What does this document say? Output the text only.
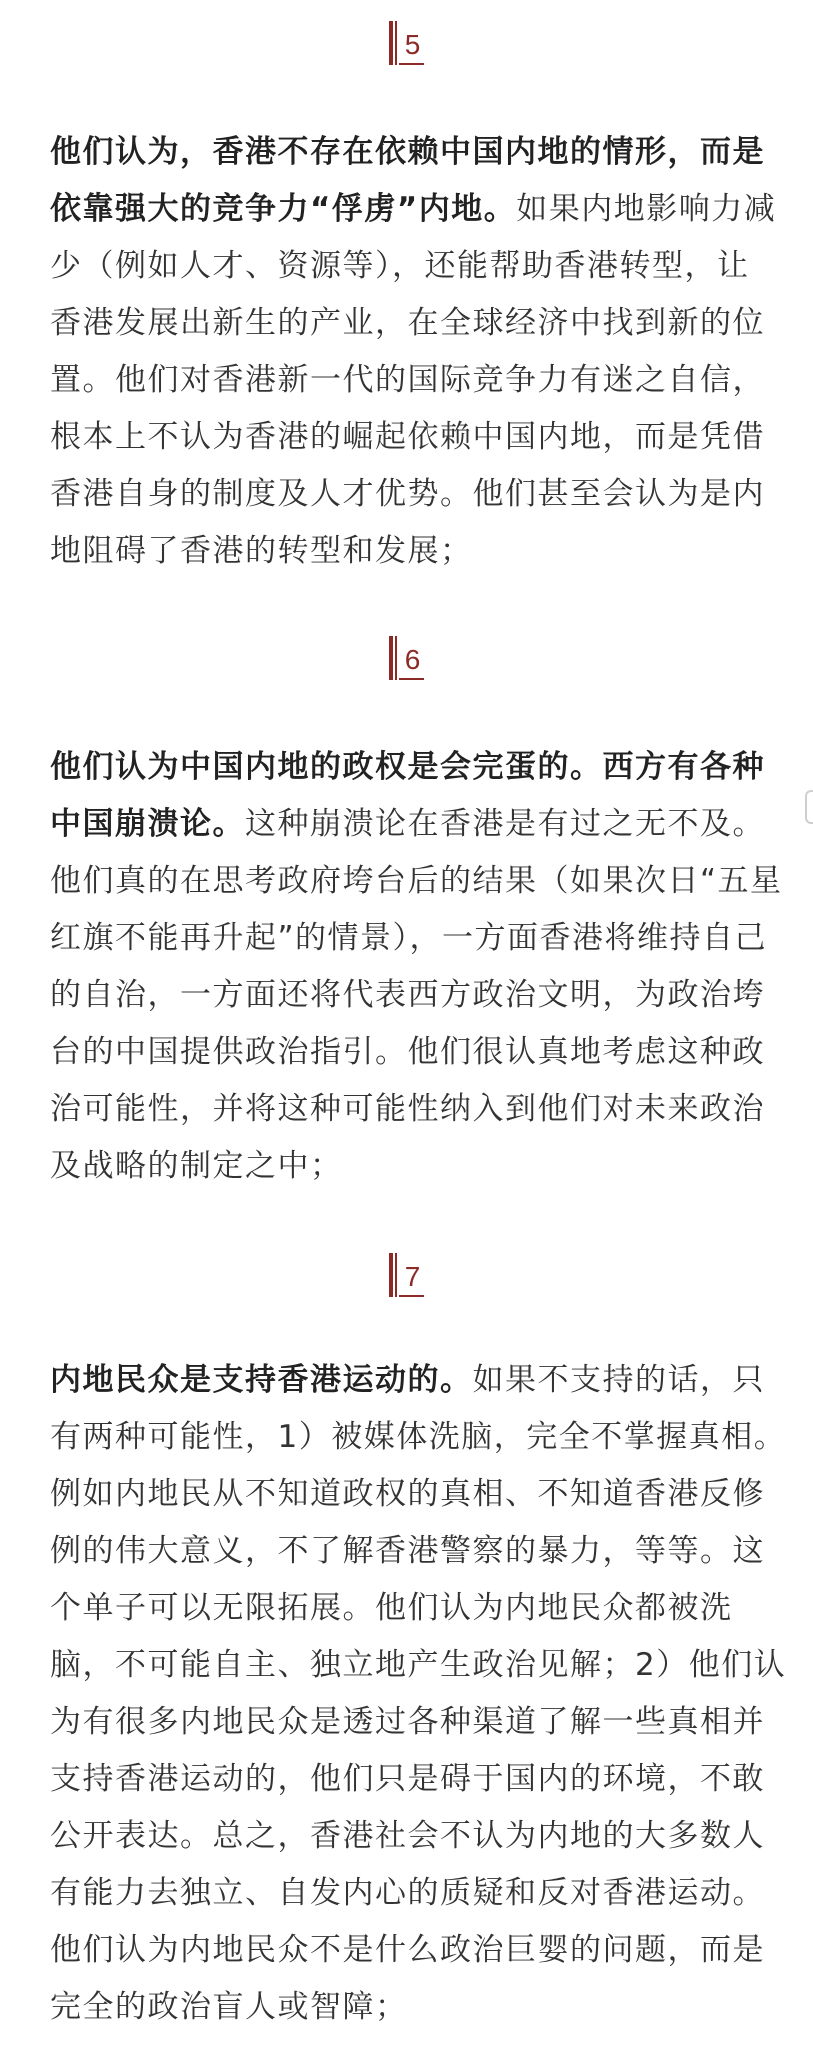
5
他们认为，香港不存在依赖中国内地的情形，而是
依靠强大的竞争力“俘虏”内地。如果内地影响力减
少（例如人才、资源等），还能帮助香港转型，让
香港发展出新生的产业，在全球经济中找到新的位
置。他们对香港新一代的国际竞争力有迷之自信，
根本上不认为香港的崛起依赖中国内地，而是凭借
香港自身的制度及人才优势。他们甚至会认为是内
地阻碍了香港的转型和发展；
6
他们认为中国内地的政权是会完蛋的。西方有各种
中国崩溃论。这种崩溃论在香港是有过之无不及。
他们真的在思考政府垮台后的结果（如果次日“五星
红旗不能再升起”的情景），一方面香港将维持自己
的自治，一方面还将代表西方政治文明，为政治垮
台的中国提供政治指引。他们很认真地考虑这种政
治可能性，并将这种可能性纳入到他们对未来政治
及战略的制定之中；
7
内地民众是支持香港运动的。如果不支持的话，只
有两种可能性，1）被媒体洗脑，完全不掌握真相。
例如内地民从不知道政权的真相、不知道香港反修
例的伟大意义，不了解香港警察的暴力，等等。这
个单子可以无限拓展。他们认为内地民众都被洗
脑，不可能自主、独立地产生政治见解；2）他们认
为有很多内地民众是透过各种渠道了解一些真相并
支持香港运动的，他们只是碍于国内的环境，不敢
公开表达。总之，香港社会不认为内地的大多数人
有能力去独立、自发内心的质疑和反对香港运动。
他们认为内地民众不是什么政治巨婴的问题，而是
完全的政治盲人或智障；
